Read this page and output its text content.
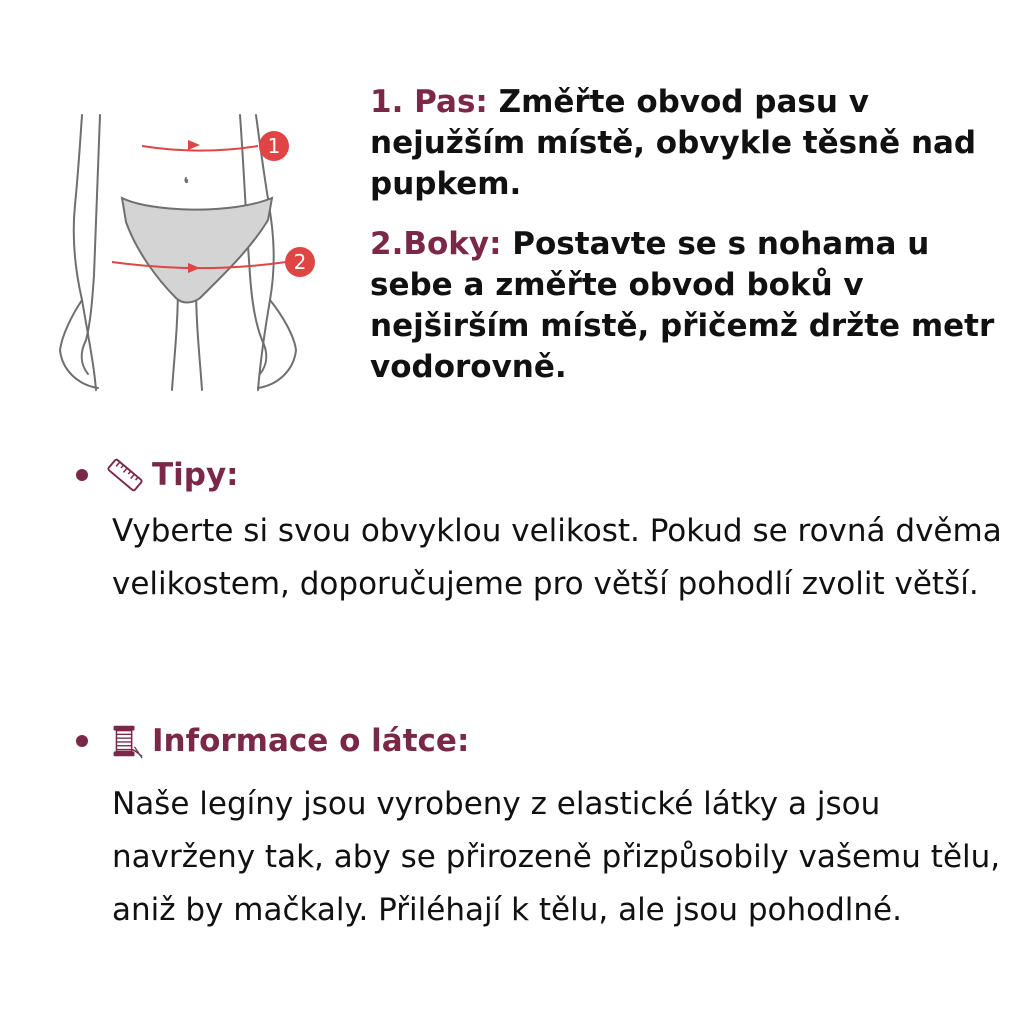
1
2
1. Pas: Změřte obvod pasu v nejužším místě, obvykle těsně nad pupkem.
2.Boky: Postavte se s nohama u sebe a změřte obvod boků v nejširším místě, přičemž držte metr vodorovně.
Tipy:
Vyberte si svou obvyklou velikost. Pokud se rovná dvěma velikostem, doporučujeme pro větší pohodlí zvolit větší.
Informace o látce:
Naše legíny jsou vyrobeny z elastické látky a jsou navrženy tak, aby se přirozeně přizpůsobily vašemu tělu, aniž by mačkaly. Přiléhají k tělu, ale jsou pohodlné.
